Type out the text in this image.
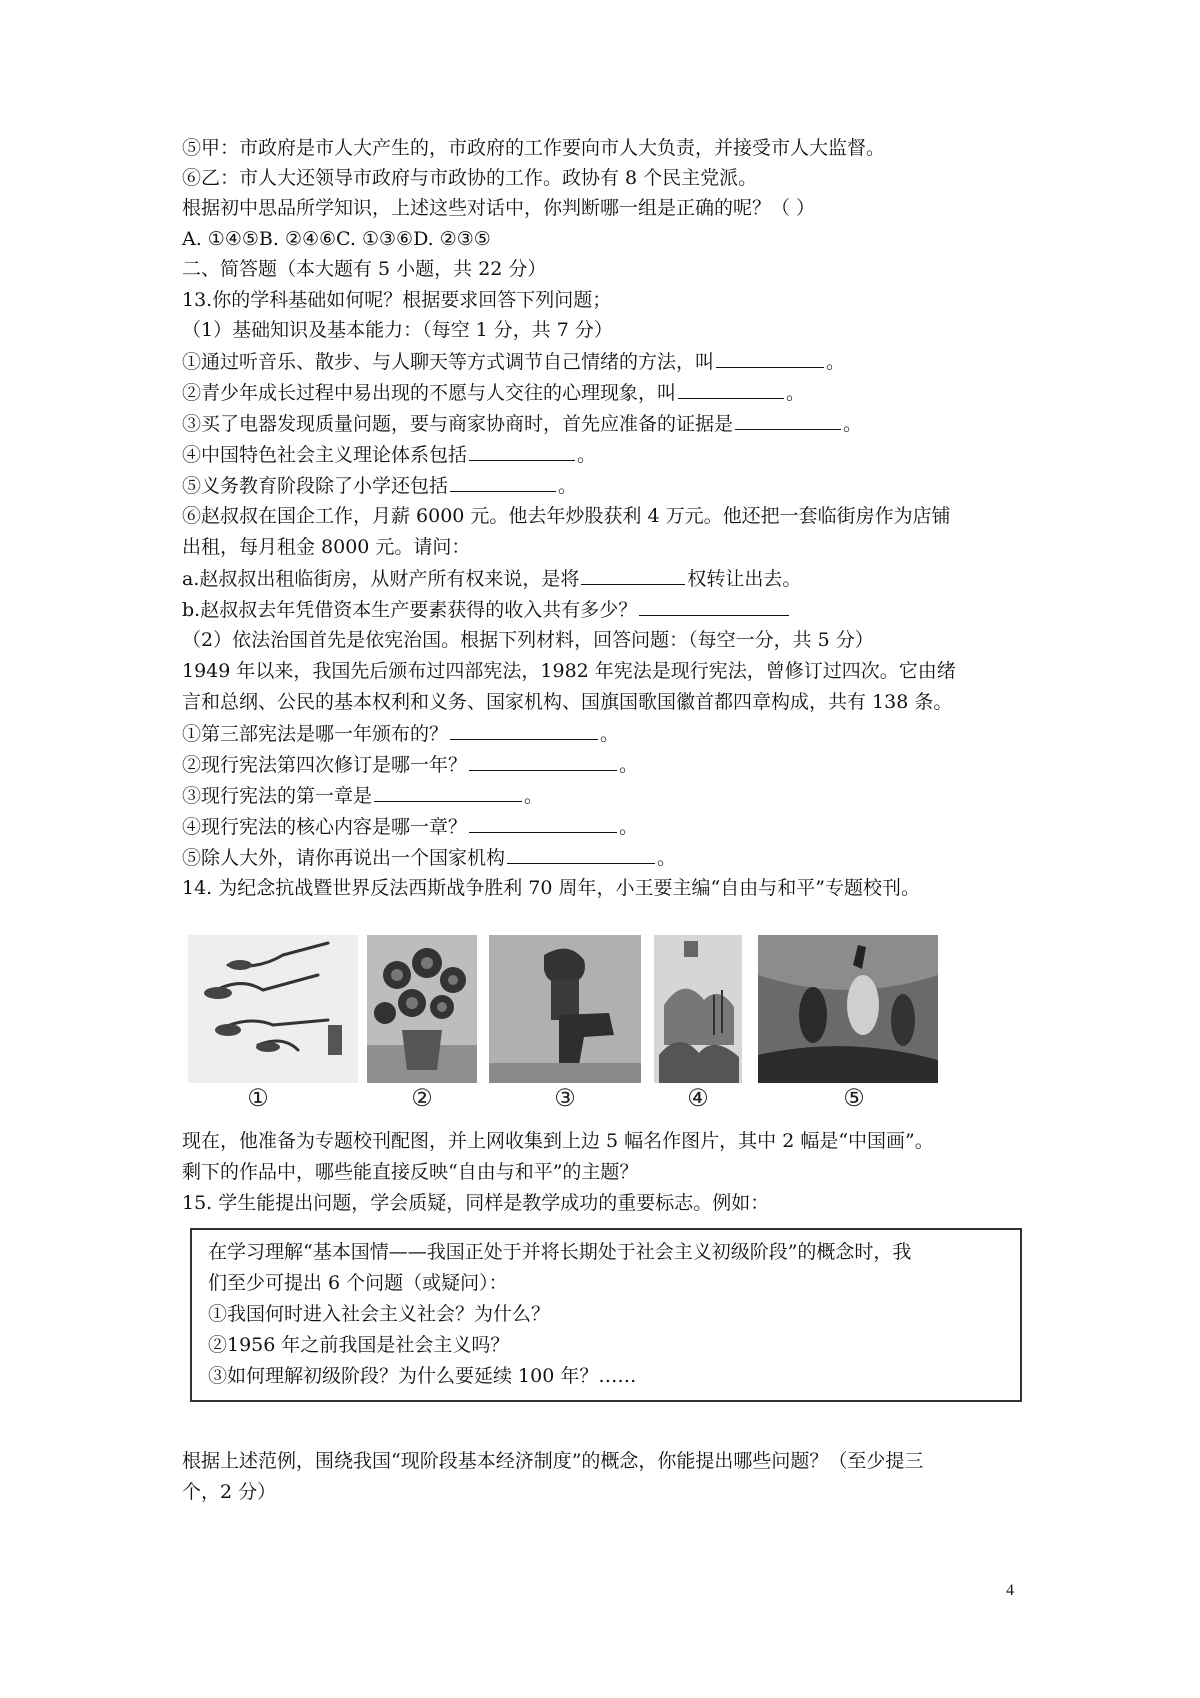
⑤甲：市政府是市人大产生的，市政府的工作要向市人大负责，并接受市人大监督。
⑥乙：市人大还领导市政府与市政协的工作。政协有 8 个民主党派。
根据初中思品所学知识，上述这些对话中，你判断哪一组是正确的呢？（ ）
A. ①④⑤B. ②④⑥C. ①③⑥D. ②③⑤
二、简答题（本大题有 5 小题，共 22 分）
13.你的学科基础如何呢？根据要求回答下列问题；
（1）基础知识及基本能力：（每空 1 分，共 7 分）
①通过听音乐、散步、与人聊天等方式调节自己情绪的方法，叫	。
②青少年成长过程中易出现的不愿与人交往的心理现象，叫	。
③买了电器发现质量问题，要与商家协商时，首先应准备的证据是	。
④中国特色社会主义理论体系包括	。
⑤义务教育阶段除了小学还包括	。
⑥赵叔叔在国企工作，月薪 6000 元。他去年炒股获利 4 万元。他还把一套临街房作为店铺
出租，每月租金 8000 元。请问：
a.赵叔叔出租临街房，从财产所有权来说，是将	权转让出去。
b.赵叔叔去年凭借资本生产要素获得的收入共有多少？
（2）依法治国首先是依宪治国。根据下列材料，回答问题：（每空一分，共 5 分）
1949 年以来，我国先后颁布过四部宪法，1982 年宪法是现行宪法，曾修订过四次。它由绪
言和总纲、公民的基本权利和义务、国家机构、国旗国歌国徽首都四章构成，共有 138 条。
①第三部宪法是哪一年颁布的？	。
②现行宪法第四次修订是哪一年？	。
③现行宪法的第一章是	。
④现行宪法的核心内容是哪一章？	。
⑤除人大外，请你再说出一个国家机构	。
14. 为纪念抗战暨世界反法西斯战争胜利 70 周年，小王要主编“自由与和平”专题校刊。
①	②	③	④	⑤
现在，他准备为专题校刊配图，并上网收集到上边 5 幅名作图片，其中 2 幅是“中国画”。
剩下的作品中，哪些能直接反映“自由与和平”的主题？
15. 学生能提出问题，学会质疑，同样是教学成功的重要标志。例如：
在学习理解“基本国情——我国正处于并将长期处于社会主义初级阶段”的概念时，我
们至少可提出 6 个问题（或疑问）：
①我国何时进入社会主义社会？为什么？
②1956 年之前我国是社会主义吗？
③如何理解初级阶段？为什么要延续 100 年？……
根据上述范例，围绕我国“现阶段基本经济制度”的概念，你能提出哪些问题？（至少提三
个，2 分）
4
